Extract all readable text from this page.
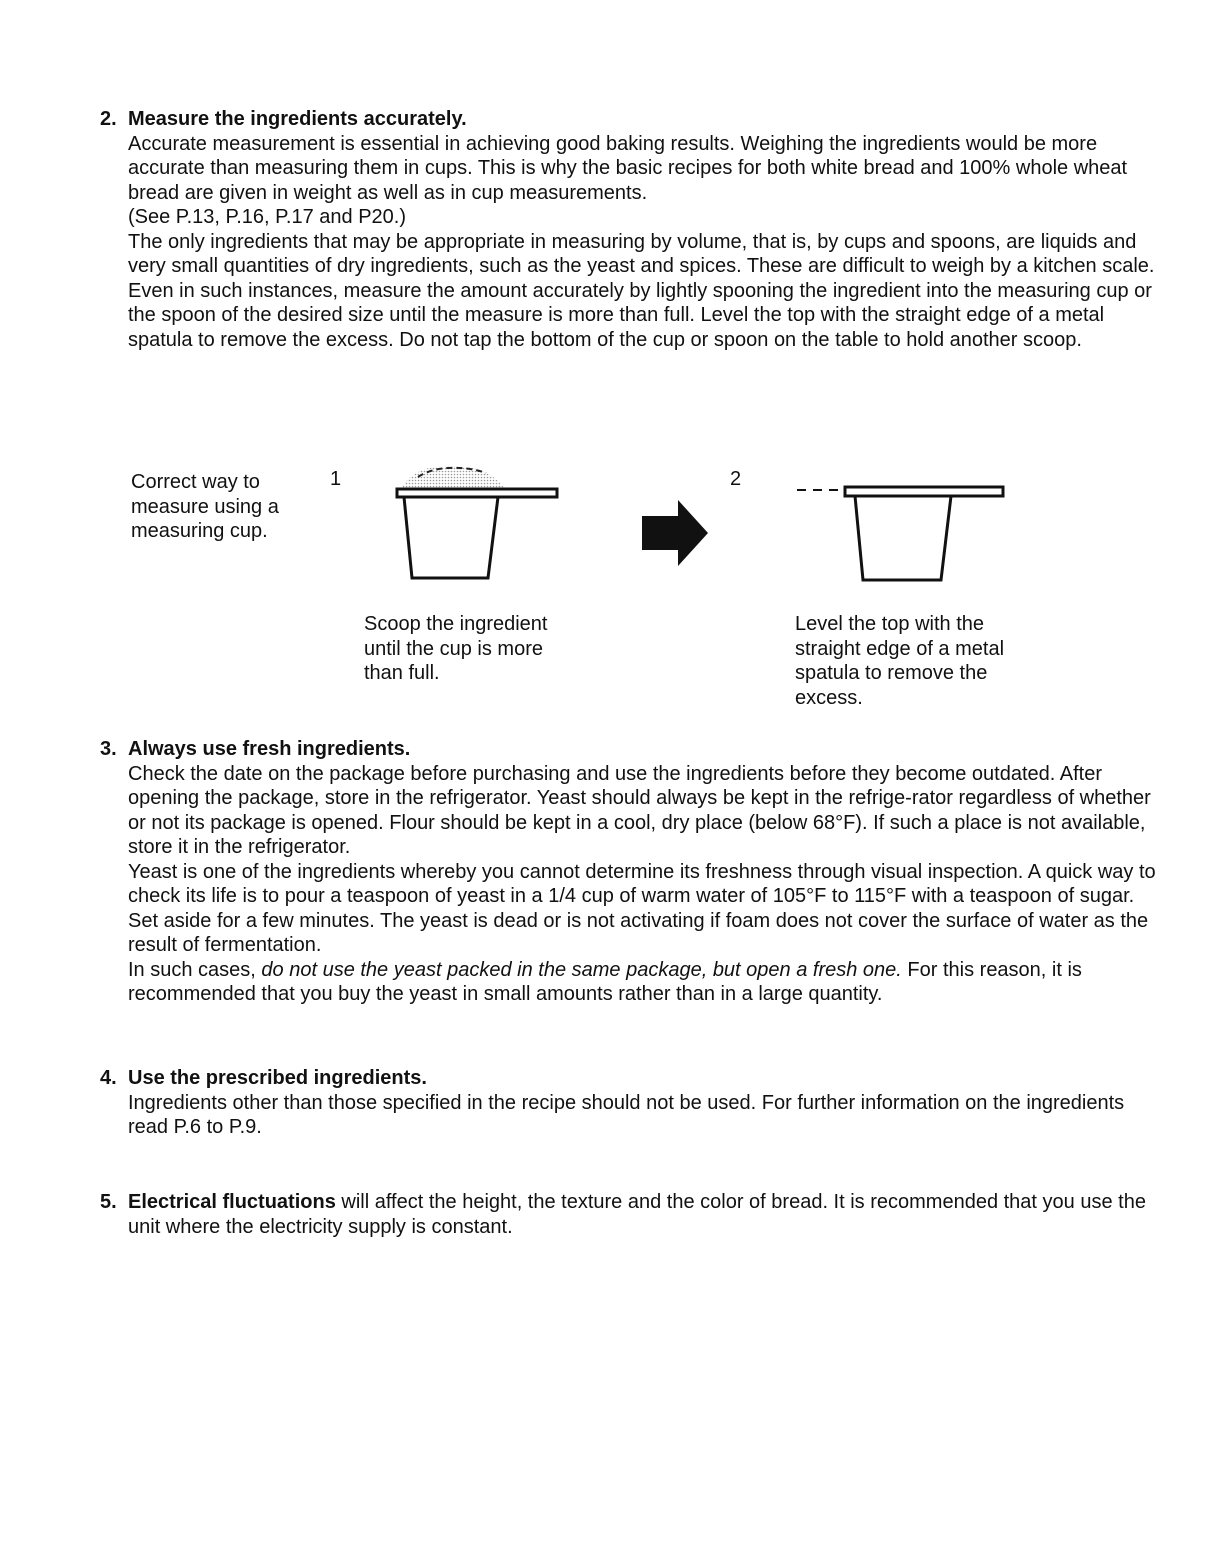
2. Measure the ingredients accurately.

Accurate measurement is essential in achieving good baking results. Weighing the ingredients would be more accurate than measuring them in cups. This is why the basic recipes for both white bread and 100% whole wheat bread are given in weight as well as in cup measurements.

(See P.13, P.16, P.17 and P20.)

The only ingredients that may be appropriate in measuring by volume, that is, by cups and spoons, are liquids and very small quantities of dry ingredients, such as the yeast and spices. These are difficult to weigh by a kitchen scale. Even in such instances, measure the amount accurately by lightly spooning the ingredient into the measuring cup or the spoon of the desired size until the measure is more than full. Level the top with the straight edge of a metal spatula to remove the excess. Do not tap the bottom of the cup or spoon on the table to hold another scoop.

Correct way to measure using a measuring cup.
1
Scoop the ingredient until the cup is more than full.
2
Level the top with the straight edge of a metal spatula to remove the excess.
3. Always use fresh ingredients.

Check the date on the package before purchasing and use the ingredients before they become outdated. After opening the package, store in the refrigerator. Yeast should always be kept in the refrige-rator regardless of whether or not its package is opened. Flour should be kept in a cool, dry place (below 68°F). If such a place is not available, store it in the refrigerator.

Yeast is one of the ingredients whereby you cannot determine its freshness through visual inspection. A quick way to check its life is to pour a teaspoon of yeast in a 1/4 cup of warm water of 105°F to 115°F with a teaspoon of sugar. Set aside for a few minutes. The yeast is dead or is not activating if foam does not cover the surface of water as the result of fermentation.

In such cases, do not use the yeast packed in the same package, but open a fresh one. For this reason, it is recommended that you buy the yeast in small amounts rather than in a large quantity.

4. Use the prescribed ingredients.

Ingredients other than those specified in the recipe should not be used. For further information on the ingredients read P.6 to P.9.

5. Electrical fluctuations will affect the height, the texture and the color of bread. It is recommended that you use the unit where the electricity supply is constant.
